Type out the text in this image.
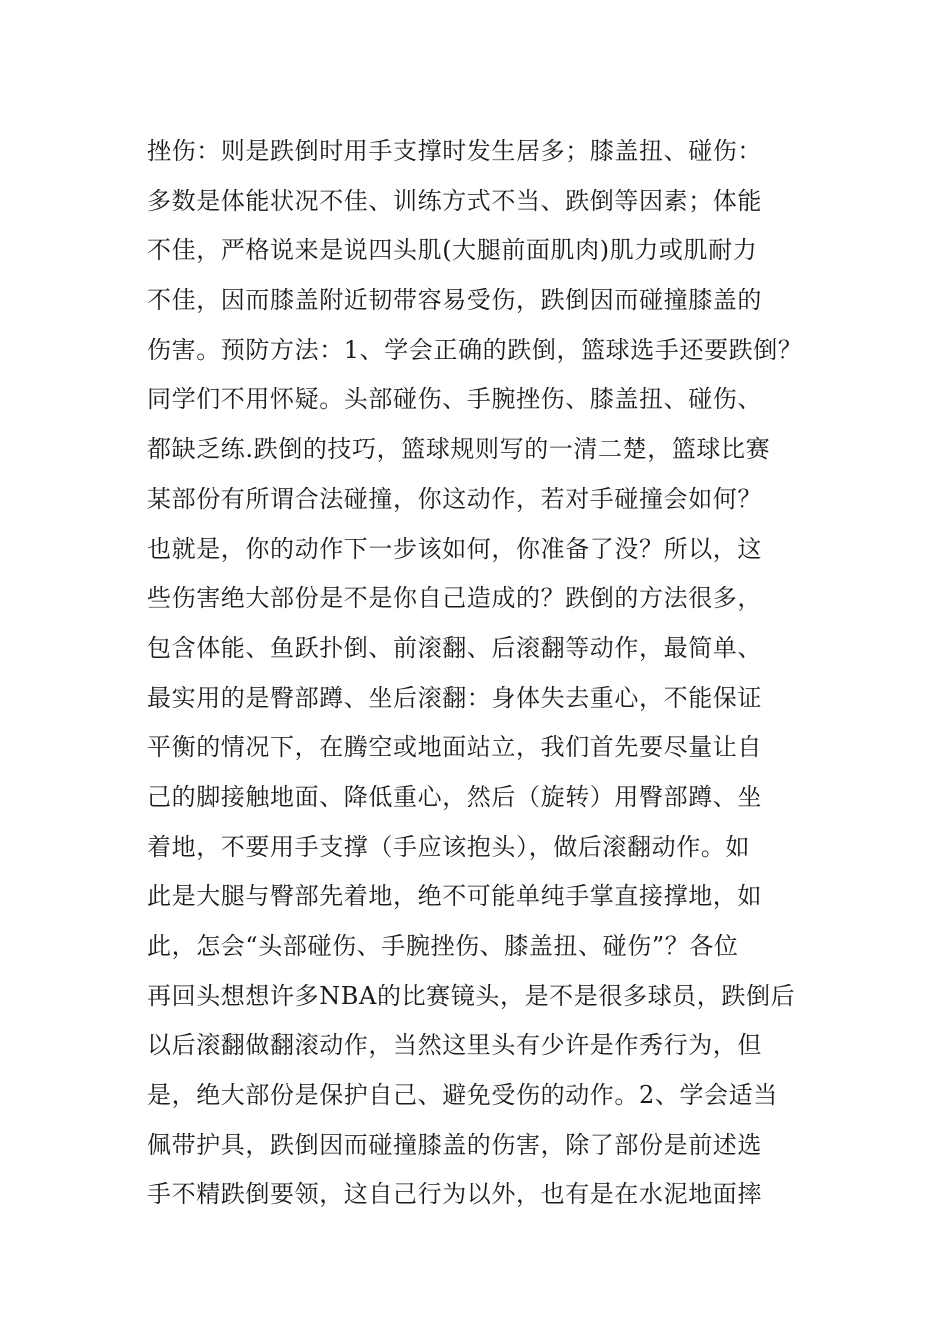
挫伤：则是跌倒时用手支撑时发生居多；膝盖扭、碰伤：
多数是体能状况不佳、训练方式不当、跌倒等因素；体能
不佳，严格说来是说四头肌(大腿前面肌肉)肌力或肌耐力
不佳，因而膝盖附近韧带容易受伤，跌倒因而碰撞膝盖的
伤害。预防方法：1、学会正确的跌倒，篮球选手还要跌倒？
同学们不用怀疑。头部碰伤、手腕挫伤、膝盖扭、碰伤、
都缺乏练.跌倒的技巧，篮球规则写的一清二楚，篮球比赛
某部份有所谓合法碰撞，你这动作，若对手碰撞会如何？
也就是，你的动作下一步该如何，你准备了没？所以，这
些伤害绝大部份是不是你自己造成的？跌倒的方法很多，
包含体能、鱼跃扑倒、前滚翻、后滚翻等动作，最简单、
最实用的是臀部蹲、坐后滚翻：身体失去重心，不能保证
平衡的情况下，在腾空或地面站立，我们首先要尽量让自
己的脚接触地面、降低重心，然后（旋转）用臀部蹲、坐
着地，不要用手支撑（手应该抱头），做后滚翻动作。如
此是大腿与臀部先着地，绝不可能单纯手掌直接撑地，如
此，怎会“头部碰伤、手腕挫伤、膝盖扭、碰伤”？各位
再回头想想许多NBA的比赛镜头，是不是很多球员，跌倒后
以后滚翻做翻滚动作，当然这里头有少许是作秀行为，但
是，绝大部份是保护自己、避免受伤的动作。2、学会适当
佩带护具，跌倒因而碰撞膝盖的伤害，除了部份是前述选
手不精跌倒要领，这自己行为以外，也有是在水泥地面摔
